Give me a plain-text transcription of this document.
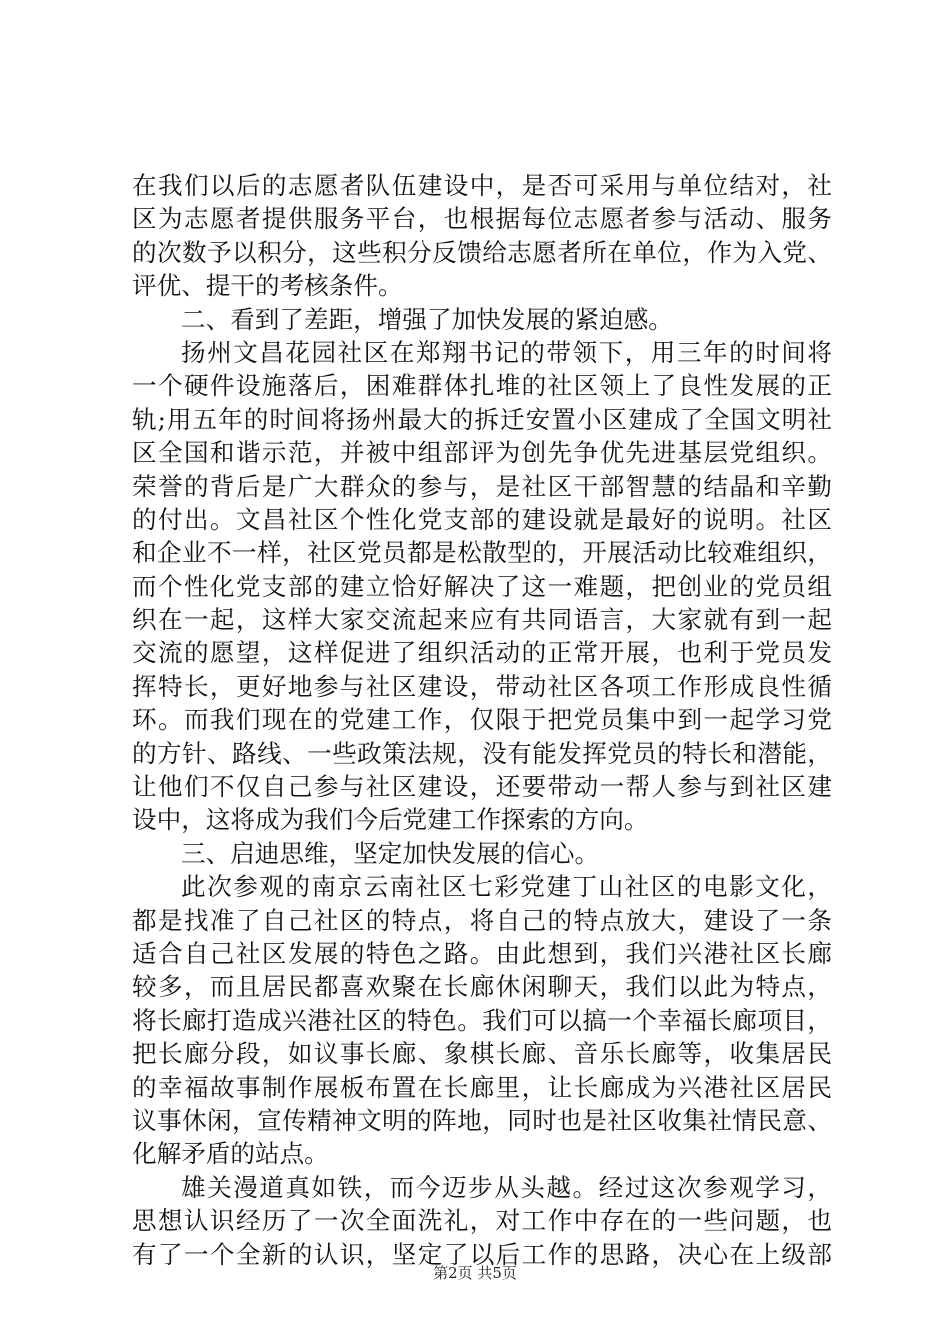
在我们以后的志愿者队伍建设中，是否可采用与单位结对，社
区为志愿者提供服务平台，也根据每位志愿者参与活动、服务
的次数予以积分，这些积分反馈给志愿者所在单位，作为入党、
评优、提干的考核条件。
二、看到了差距，增强了加快发展的紧迫感。
扬州文昌花园社区在郑翔书记的带领下，用三年的时间将
一个硬件设施落后，困难群体扎堆的社区领上了良性发展的正
轨;用五年的时间将扬州最大的拆迁安置小区建成了全国文明社
区全国和谐示范，并被中组部评为创先争优先进基层党组织。
荣誉的背后是广大群众的参与，是社区干部智慧的结晶和辛勤
的付出。文昌社区个性化党支部的建设就是最好的说明。社区
和企业不一样，社区党员都是松散型的，开展活动比较难组织，
而个性化党支部的建立恰好解决了这一难题，把创业的党员组
织在一起，这样大家交流起来应有共同语言，大家就有到一起
交流的愿望，这样促进了组织活动的正常开展，也利于党员发
挥特长，更好地参与社区建设，带动社区各项工作形成良性循
环。而我们现在的党建工作，仅限于把党员集中到一起学习党
的方针、路线、一些政策法规，没有能发挥党员的特长和潜能，
让他们不仅自己参与社区建设，还要带动一帮人参与到社区建
设中，这将成为我们今后党建工作探索的方向。
三、启迪思维，坚定加快发展的信心。
此次参观的南京云南社区七彩党建丁山社区的电影文化，
都是找准了自己社区的特点，将自己的特点放大，建设了一条
适合自己社区发展的特色之路。由此想到，我们兴港社区长廊
较多，而且居民都喜欢聚在长廊休闲聊天，我们以此为特点，
将长廊打造成兴港社区的特色。我们可以搞一个幸福长廊项目，
把长廊分段，如议事长廊、象棋长廊、音乐长廊等，收集居民
的幸福故事制作展板布置在长廊里，让长廊成为兴港社区居民
议事休闲，宣传精神文明的阵地，同时也是社区收集社情民意、
化解矛盾的站点。
雄关漫道真如铁，而今迈步从头越。经过这次参观学习，
思想认识经历了一次全面洗礼，对工作中存在的一些问题，也
有了一个全新的认识，坚定了以后工作的思路，决心在上级部
第2页 共5页
